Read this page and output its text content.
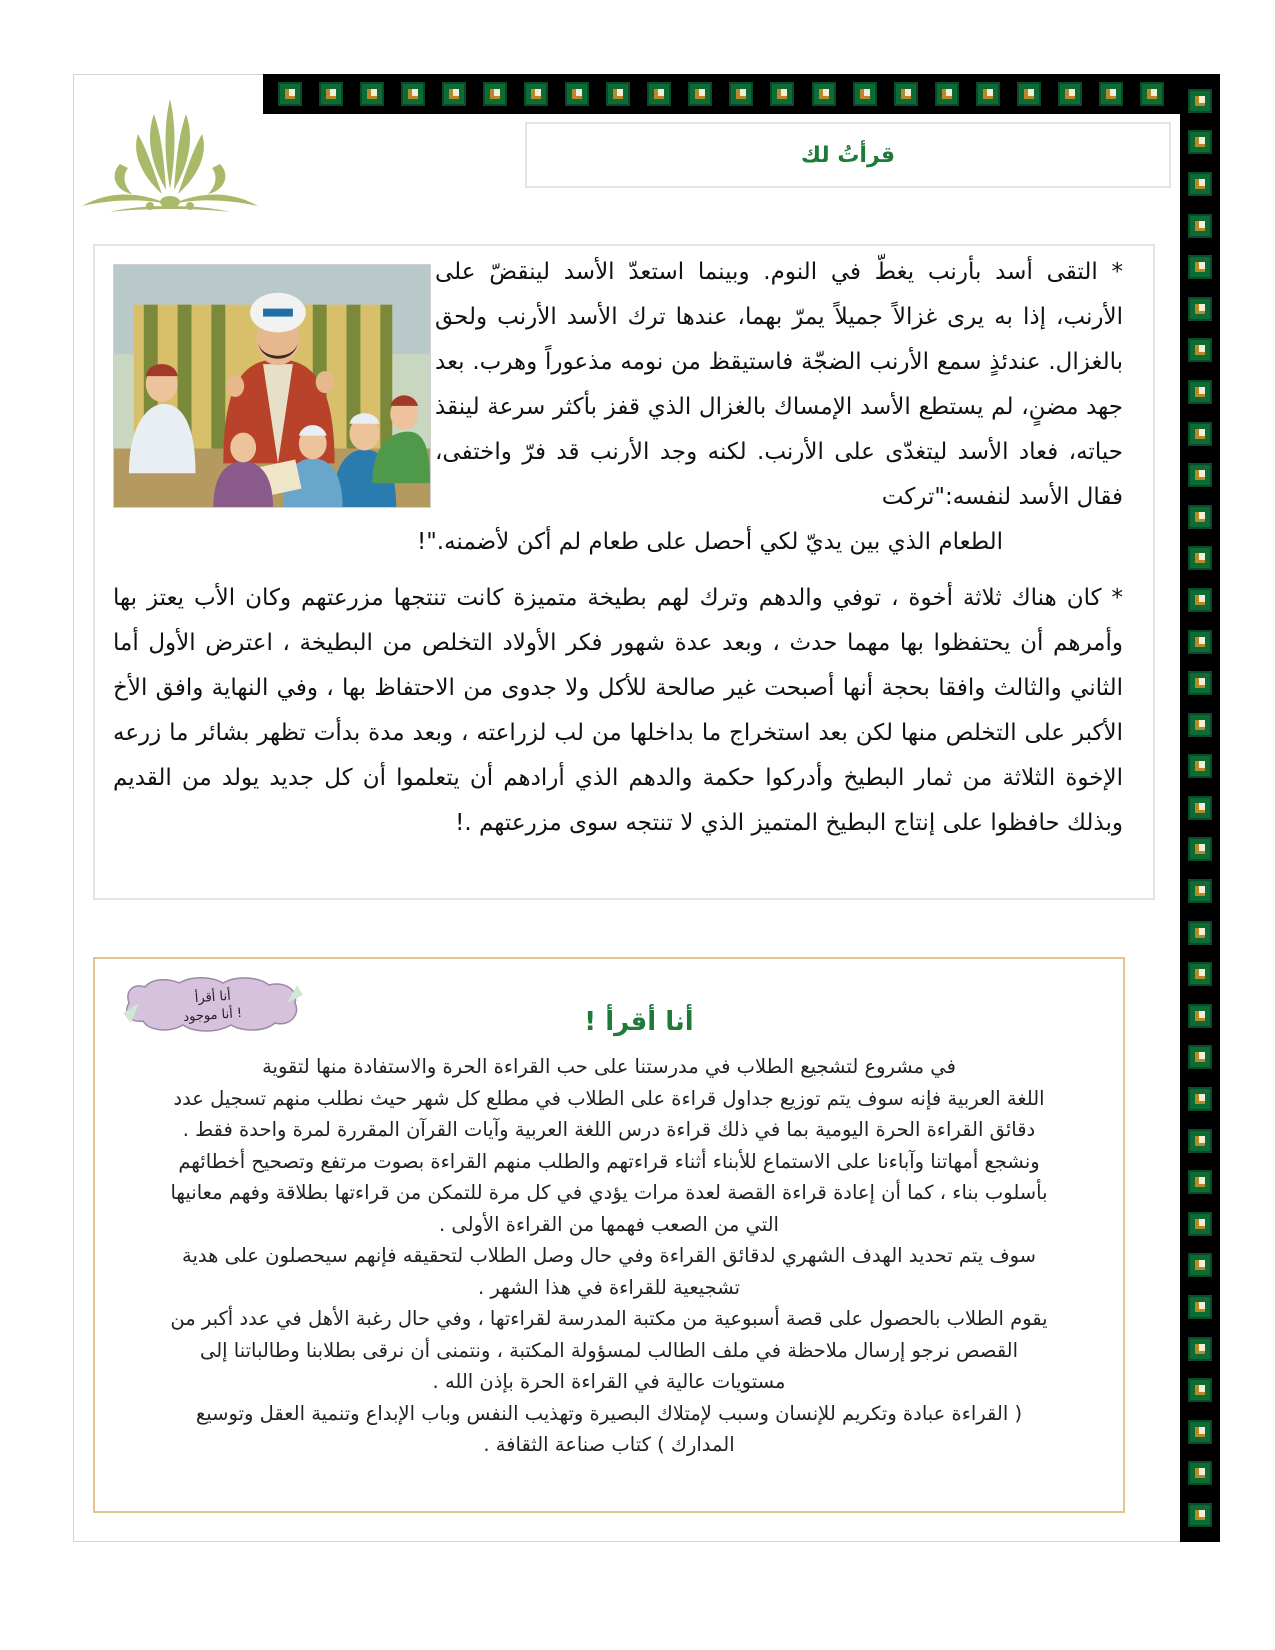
قرأتُ لك
* التقى أسد بأرنب يغطّ في النوم. وبينما استعدّ الأسد لينقضّ على الأرنب، إذا به يرى غزالاً جميلاً يمرّ بهما، عندها ترك الأسد الأرنب ولحق بالغزال. عندئذٍ سمع الأرنب الضجّة فاستيقظ من نومه مذعوراً وهرب. بعد جهد مضنٍ، لم يستطع الأسد الإمساك بالغزال الذي قفز بأكثر سرعة لينقذ حياته، فعاد الأسد ليتغدّى على الأرنب. لكنه وجد الأرنب قد فرّ واختفى، فقال الأسد لنفسه:"تركت
الطعام الذي بين يديّ لكي أحصل على طعام لم أكن لأضمنه."!
* كان هناك ثلاثة أخوة ، توفي والدهم وترك لهم بطيخة متميزة كانت تنتجها مزرعتهم وكان الأب يعتز بها وأمرهم أن يحتفظوا بها مهما حدث ، وبعد عدة شهور فكر الأولاد التخلص من البطيخة ، اعترض الأول أما الثاني والثالث وافقا بحجة أنها أصبحت غير صالحة للأكل ولا جدوى من الاحتفاظ بها ، وفي النهاية وافق الأخ الأكبر على التخلص منها لكن بعد استخراج ما بداخلها من لب لزراعته ، وبعد مدة بدأت تظهر بشائر ما زرعه الإخوة الثلاثة من ثمار البطيخ وأدركوا حكمة والدهم الذي أرادهم أن يتعلموا أن كل جديد يولد من القديم وبذلك حافظوا على إنتاج البطيخ المتميز الذي لا تنتجه سوى مزرعتهم .!
أنا أقرأ
أنا موجود !	أنا أقرأ !

في مشروع لتشجيع الطلاب في مدرستنا على حب القراءة الحرة والاستفادة منها لتقوية

اللغة العربية فإنه سوف يتم توزيع جداول قراءة على الطلاب في مطلع كل شهر حيث نطلب منهم تسجيل عدد

دقائق القراءة الحرة اليومية بما في ذلك قراءة درس اللغة العربية وآيات القرآن المقررة لمرة واحدة فقط .

ونشجع أمهاتنا وآباءنا على الاستماع للأبناء أثناء قراءتهم والطلب منهم القراءة بصوت مرتفع وتصحيح أخطائهم

بأسلوب بناء ، كما أن إعادة قراءة القصة لعدة مرات يؤدي في كل مرة للتمكن من قراءتها بطلاقة وفهم معانيها

التي من الصعب فهمها من القراءة الأولى .

سوف يتم تحديد الهدف الشهري لدقائق القراءة وفي حال وصل الطلاب لتحقيقه فإنهم سيحصلون على هدية

تشجيعية للقراءة في هذا الشهر .

يقوم الطلاب بالحصول على قصة أسبوعية من مكتبة المدرسة لقراءتها ، وفي حال رغبة الأهل في عدد أكبر من

القصص نرجو إرسال ملاحظة في ملف الطالب لمسؤولة المكتبة ، ونتمنى أن نرقى بطلابنا وطالباتنا إلى

مستويات عالية في القراءة الحرة بإذن الله .

( القراءة عبادة وتكريم للإنسان وسبب لإمتلاك البصيرة وتهذيب النفس وباب الإبداع وتنمية العقل وتوسيع

المدارك ) كتاب صناعة الثقافة .
